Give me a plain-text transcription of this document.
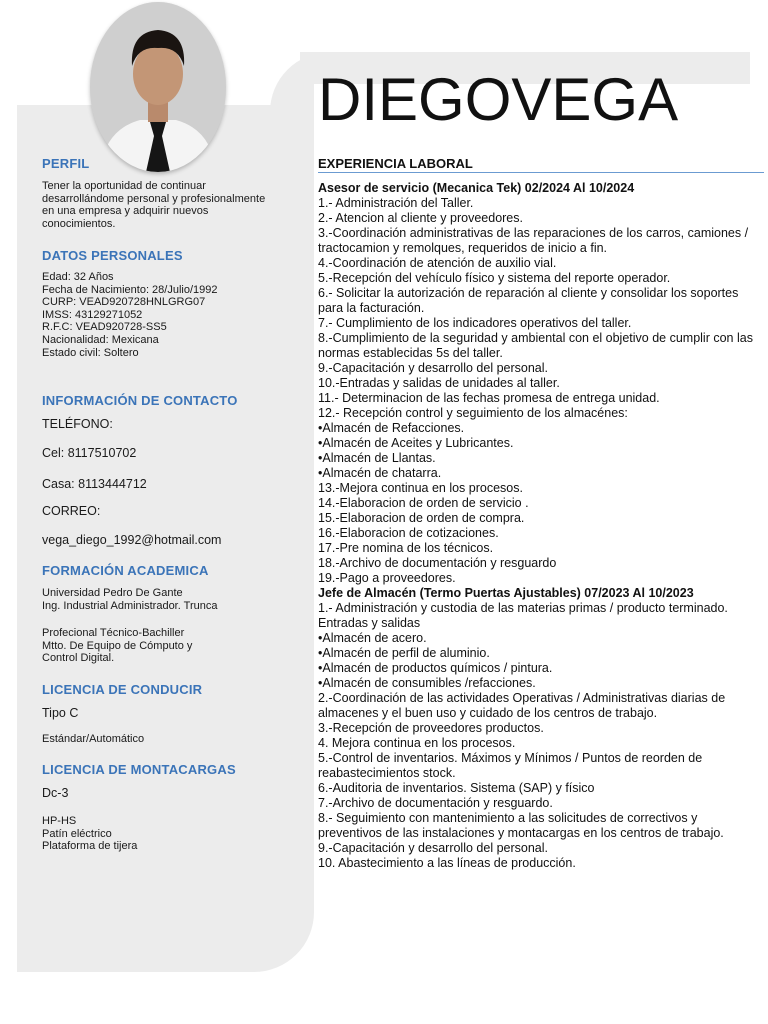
DIEGOVEGA
PERFIL
Tener la oportunidad de continuar desarrollándome personal y profesionalmente en una empresa y adquirir nuevos conocimientos.
DATOS PERSONALES
Edad: 32 Años
Fecha de Nacimiento: 28/Julio/1992
CURP: VEAD920728HNLGRG07
IMSS: 43129271052
R.F.C: VEAD920728-SS5
Nacionalidad: Mexicana
Estado civil: Soltero
INFORMACIÓN DE CONTACTO
TELÉFONO:
Cel: 8117510702
Casa: 8113444712
CORREO:
vega_diego_1992@hotmail.com
FORMACIÓN ACADEMICA
Universidad Pedro De Gante
Ing. Industrial Administrador. Trunca
Profecional Técnico-Bachiller
Mtto. De Equipo de Cómputo y
Control Digital.
LICENCIA DE CONDUCIR
Tipo C
Estándar/Automático
LICENCIA DE MONTACARGAS
Dc-3
HP-HS
Patín eléctrico
Plataforma de tijera
EXPERIENCIA LABORAL
Asesor de servicio (Mecanica Tek) 02/2024 Al 10/2024
1.- Administración del Taller.
2.- Atencion al cliente y proveedores.
3.-Coordinación administrativas de las reparaciones de los carros, camiones / tractocamion y remolques, requeridos de inicio a fin.
4.-Coordinación de atención de auxilio vial.
5.-Recepción del vehículo físico y sistema del reporte operador.
6.- Solicitar la autorización de reparación al cliente y consolidar los soportes para la facturación.
7.- Cumplimiento de los indicadores operativos del taller.
8.-Cumplimiento de la seguridad y ambiental con el objetivo de cumplir con las normas establecidas 5s del taller.
9.-Capacitación y desarrollo del personal.
10.-Entradas y salidas de unidades al taller.
11.- Determinacion de las fechas promesa de entrega unidad.
12.- Recepción control y seguimiento de los almacénes:
•Almacén de Refacciones.
•Almacén de Aceites y Lubricantes.
•Almacén de Llantas.
•Almacén de chatarra.
13.-Mejora continua en los procesos.
14.-Elaboracion de orden de servicio .
15.-Elaboracion de orden de compra.
16.-Elaboracion de cotizaciones.
17.-Pre nomina de los técnicos.
18.-Archivo de documentación y resguardo
19.-Pago a proveedores.
Jefe de Almacén (Termo Puertas Ajustables) 07/2023 Al 10/2023
1.- Administración y custodia de las materias primas / producto terminado.
Entradas y salidas
•Almacén de acero.
•Almacén de perfil de aluminio.
•Almacén de productos químicos / pintura.
•Almacén de consumibles /refacciones.
2.-Coordinación de las actividades Operativas / Administrativas diarias de almacenes y el buen uso y cuidado de los centros de trabajo.
3.-Recepción de proveedores productos.
4. Mejora continua en los procesos.
5.-Control de inventarios. Máximos y Mínimos / Puntos de reorden de reabastecimientos stock.
6.-Auditoria de inventarios. Sistema (SAP) y físico
7.-Archivo de documentación y resguardo.
8.- Seguimiento con mantenimiento a las solicitudes de correctivos y preventivos de las instalaciones y montacargas en los centros de trabajo.
9.-Capacitación y desarrollo del personal.
10. Abastecimiento a las líneas de producción.
